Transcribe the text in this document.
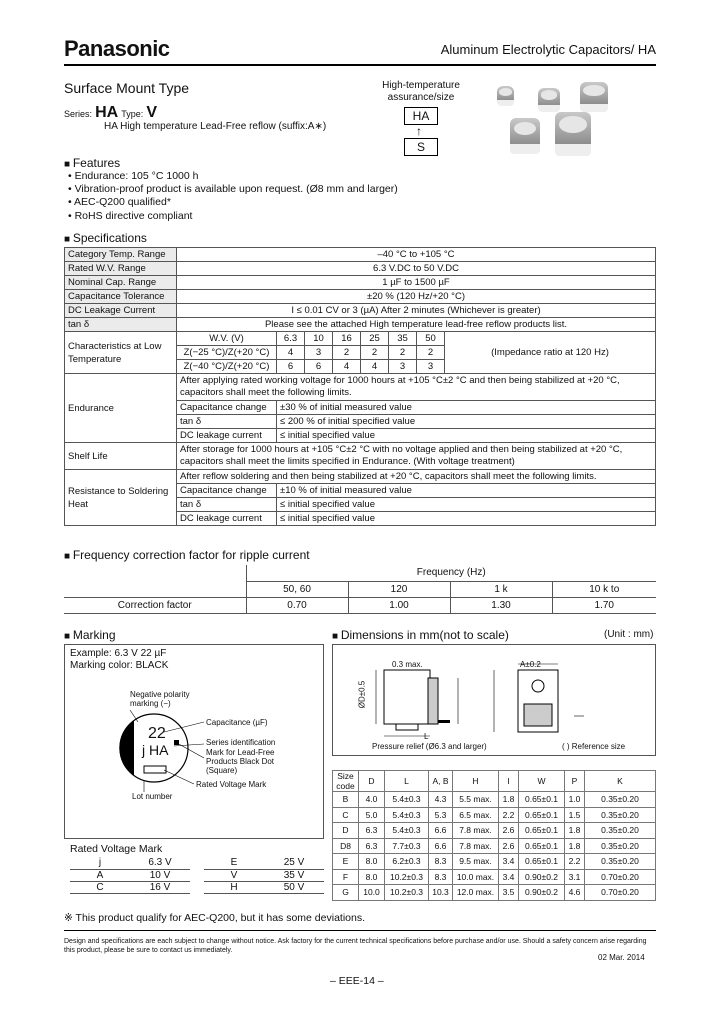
Panasonic	Aluminum Electrolytic Capacitors/ HA
Surface Mount Type
Series: HA Type: V
HA High temperature Lead-Free reflow (suffix:A∗)
High-temperature assurance/size
HA
↑
S
■ Features
• Endurance: 105 °C 1000 h
• Vibration-proof product is available upon request. (Ø8 mm and larger)
• AEC-Q200 qualified*
• RoHS directive compliant
■ Specifications
Category Temp. Range	–40 °C to +105 °C							
Rated W.V. Range	6.3 V.DC to 50 V.DC							
Nominal Cap. Range	1 µF to 1500 µF							
Capacitance Tolerance	±20 % (120 Hz/+20 °C)							
DC Leakage Current	I ≤ 0.01 CV or 3 (µA) After 2 minutes (Whichever is greater)							
tan δ	Please see the attached High temperature lead-free reflow products list.							
Characteristics at Low Temperature	W.V. (V)	6.3	10	16	25	35	50	(Impedance ratio at 120 Hz)
	Z(−25 °C)/Z(+20 °C)	4	3	2	2	2	2	
	Z(−40 °C)/Z(+20 °C)	6	6	4	4	3	3	
Endurance	After applying rated working voltage for 1000 hours at +105 °C±2 °C and then being stabilized at +20 °C, capacitors shall meet the following limits.							
	Capacitance change	±30 % of initial measured value						
	tan δ	≤ 200 % of initial specified value						
	DC leakage current	≤ initial specified value						
Shelf Life	After storage for 1000 hours at +105 °C±2 °C with no voltage applied and then being stabilized at +20 °C, capacitors shall meet the limits specified in Endurance. (With voltage treatment)							
Resistance to Soldering Heat	After reflow soldering and then being stabilized at +20 °C, capacitors shall meet the following limits.							
	Capacitance change	±10 % of initial measured value						
	tan δ	≤ initial specified value						
	DC leakage current	≤ initial specified value						
■ Frequency correction factor for ripple current
	Frequency (Hz)			
	50, 60	120	1 k	10 k to
Correction factor	0.70	1.00	1.30	1.70
■ Marking
Example: 6.3 V 22 µF
Marking color: BLACK
22
j HA
Negative polarity marking (−)
Capacitance (µF)
Series identification
Mark for Lead-Free Products Black Dot (Square)
Rated Voltage Mark
Lot number
Rated Voltage Mark
j	6.3 V		E	25 V
A	10 V		V	35 V
C	16 V		H	50 V
■ Dimensions in mm(not to scale)	(Unit : mm)
0.3 max.	A±0.2
ØD±0.5
L
Pressure relief (Ø6.3 and larger)	( ) Reference size
Size code	D	L	A, B	H	I	W	P	K
B	4.0	5.4±0.3	4.3	5.5 max.	1.8	0.65±0.1	1.0	0.35±0.20
C	5.0	5.4±0.3	5.3	6.5 max.	2.2	0.65±0.1	1.5	0.35±0.20
D	6.3	5.4±0.3	6.6	7.8 max.	2.6	0.65±0.1	1.8	0.35±0.20
D8	6.3	7.7±0.3	6.6	7.8 max.	2.6	0.65±0.1	1.8	0.35±0.20
E	8.0	6.2±0.3	8.3	9.5 max.	3.4	0.65±0.1	2.2	0.35±0.20
F	8.0	10.2±0.3	8.3	10.0 max.	3.4	0.90±0.2	3.1	0.70±0.20
G	10.0	10.2±0.3	10.3	12.0 max.	3.5	0.90±0.2	4.6	0.70±0.20
※ This product qualify for AEC-Q200, but it has some deviations.
Design and specifications are each subject to change without notice. Ask factory for the current technical specifications before purchase and/or use. Should a safety concern arise regarding this product, please be sure to contact us immediately.
02 Mar. 2014
– EEE-14 –
